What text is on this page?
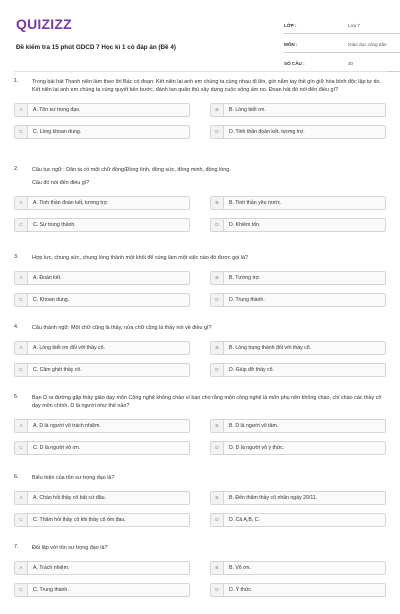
QUIZIZZ
Đề kiểm tra 15 phút GDCD 7 Học kì 1 có đáp án (Đề 4)
LỚP :	Lớp 7
MÔN :	Giáo dục công dân
SỐ CÂU :	20
1.	Trong bài hát Thanh niên làm theo lời Bác có đoạn: Kết niên lại anh em chúng ta cùng nhau đi lên, giờ nắm tay thề gìn giữ hòa bình độc lập tự do. Kết niên lại anh em chúng ta cùng quyết tiến bước, đánh tan quân thù xây dựng cuộc sống ấm no. Đoạn hát đó nói đến điều gì?
A	A. Tôn sư trọng đạo.	B	B. Lòng biết ơn.
C	C. Lòng khoan dung.	D	D. Tinh thần đoàn kết, tương trợ.
2.	Câu tục ngữ : Dân ta có một chữ đồng/Đồng tình, đồng sức, đồng minh, đồng lòng.
Câu đó nói đến điều gì?
A	A. Tinh thần đoàn kết, tương trợ.	B	B. Tinh thần yêu nước.
C	C. Sự trung thành.	D	D. Khiêm tốn.
3.	Hợp lực, chung sức, chung lòng thành một khối để cùng làm một việc nào đó được gọi là?
A	A. Đoàn kết.	B	B. Tương trợ.
C	C. Khoan dung.	D	D. Trung thành.
4.	Câu thành ngữ: Một chữ cũng là thầy, nửa chữ cũng là thầy nói về điều gì?
A	A. Lòng biết ơn đối với thầy cô.	B	B. Lòng trung thành đối với thầy cô.
C	C. Căm ghét thầy cô.	D	D. Giúp đỡ thầy cô.
5.	Bạn D ra đường gặp thầy giáo dạy môn Công nghệ không chào vì bạn cho rằng môn công nghệ là môn phụ nên không chào, chỉ chào các thầy cô dạy môn chính. D là người như thế nào?
A	A. D là người vô trách nhiệm.	B	B. D là người vô tâm.
C	C. D là người vô ơn.	D	D. D là người vô ý thức.
6.	Biểu hiện của tôn sư trọng đạo là?
A	A. Chào hỏi thầy cô bất cứ đâu.	B	B. Đến thăm thầy cô nhân ngày 20/11.
C	C. Thăm hỏi thầy cô khi thầy cô ốm đau.	D	D. Cả A,B, C.
7.	Đối lập với tôn sư trọng đạo là?
A	A. Trách nhiệm.	B	B. Vô ơn.
C	C. Trung thành.	D	D. Ý thức.
